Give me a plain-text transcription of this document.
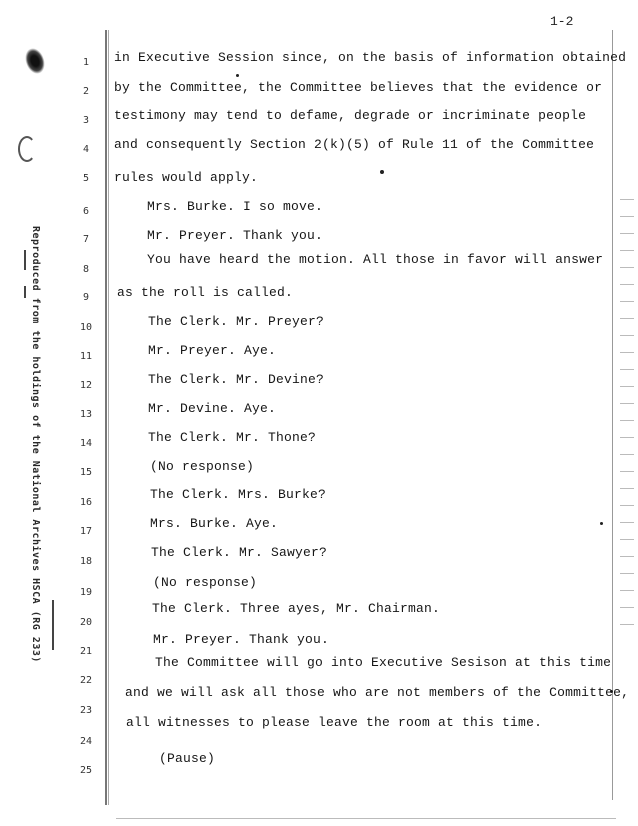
1-2
Reproduced from the holdings of the National Archives HSCA (RG 233)
1
2
3
4
5
6
7
8
9
10
11
12
13
14
15
16
17
18
19
20
21
22
23
24
25
in Executive Session since, on the basis of information obtained
by the Committee, the Committee believes that the evidence or
testimony may tend to defame, degrade or incriminate people
and consequently Section 2(k)(5) of Rule 11 of the Committee
rules would apply.
Mrs. Burke. I so move.
Mr. Preyer. Thank you.
You have heard the motion. All those in favor will answer
as the roll is called.
The Clerk. Mr. Preyer?
Mr. Preyer. Aye.
The Clerk. Mr. Devine?
Mr. Devine. Aye.
The Clerk. Mr. Thone?
(No response)
The Clerk. Mrs. Burke?
Mrs. Burke. Aye.
The Clerk. Mr. Sawyer?
(No response)
The Clerk. Three ayes, Mr. Chairman.
Mr. Preyer. Thank you.
The Committee will go into Executive Sesison at this time
and we will ask all those who are not members of the Committee,
all witnesses to please leave the room at this time.
(Pause)
